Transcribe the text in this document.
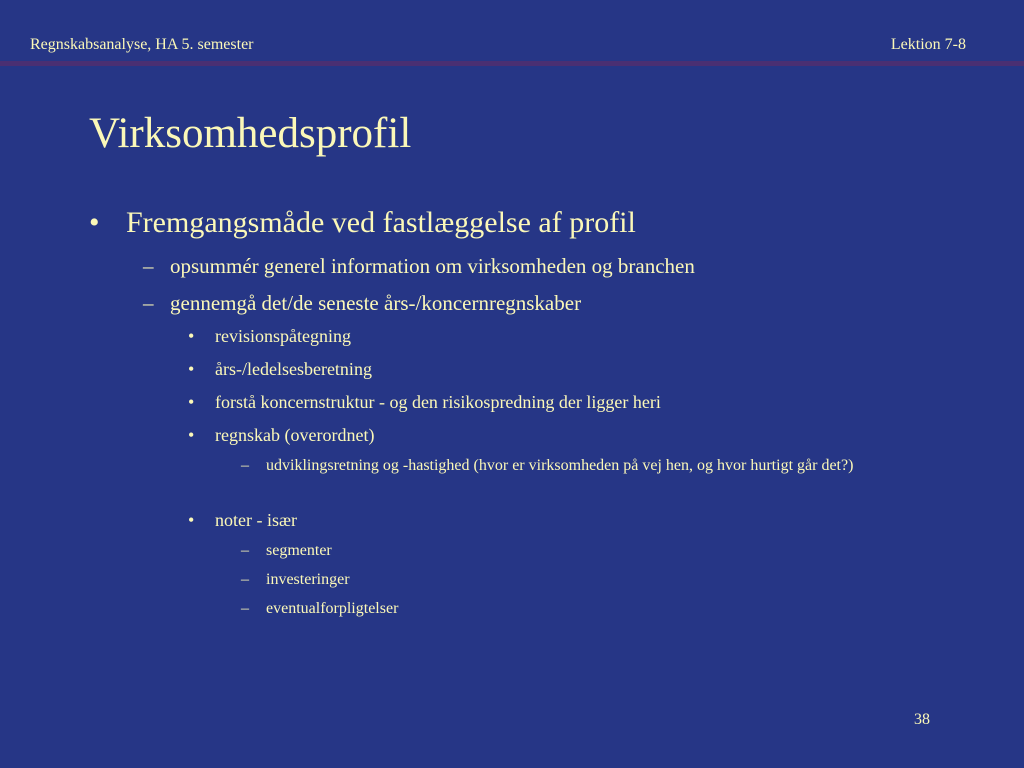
Regnskabsanalyse, HA 5. semester	Lektion 7-8
Virksomhedsprofil
• Fremgangsmåde ved fastlæggelse af profil
– opsummér generel information om virksomheden og branchen
– gennemgå det/de seneste års-/koncernregnskaber
• revisionspåtegning
• års-/ledelsesberetning
• forstå koncernstruktur - og den risikospredning der ligger heri
• regnskab (overordnet)
– udviklingsretning og -hastighed (hvor er virksomheden på vej hen, og hvor hurtigt går det?)
• noter - især
– segmenter
– investeringer
– eventualforpligtelser
38
